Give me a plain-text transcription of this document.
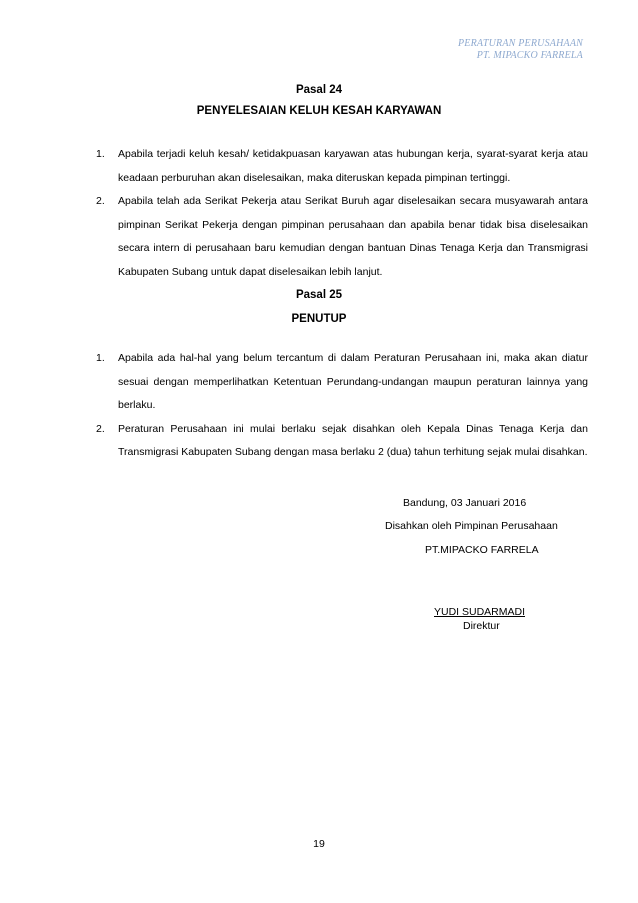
PERATURAN PERUSAHAAN
PT. MIPACKO FARRELA
Pasal 24
PENYELESAIAN KELUH KESAH KARYAWAN
1. Apabila terjadi keluh kesah/ ketidakpuasan karyawan atas hubungan kerja, syarat-syarat kerja atau keadaan perburuhan akan diselesaikan, maka diteruskan kepada pimpinan tertinggi.
2. Apabila telah ada Serikat Pekerja atau Serikat Buruh agar diselesaikan secara musyawarah antara pimpinan Serikat Pekerja dengan pimpinan perusahaan dan apabila benar tidak bisa diselesaikan secara intern di perusahaan baru kemudian dengan bantuan Dinas Tenaga Kerja dan Transmigrasi Kabupaten Subang untuk dapat diselesaikan lebih lanjut.
Pasal 25
PENUTUP
1. Apabila ada hal-hal yang belum tercantum di dalam Peraturan Perusahaan ini, maka akan diatur sesuai dengan memperlihatkan Ketentuan Perundang-undangan maupun peraturan lainnya yang berlaku.
2. Peraturan Perusahaan ini mulai berlaku sejak disahkan oleh Kepala Dinas Tenaga Kerja dan Transmigrasi Kabupaten Subang dengan masa berlaku 2 (dua) tahun terhitung sejak mulai disahkan.
Bandung, 03 Januari 2016
Disahkan oleh Pimpinan Perusahaan
PT.MIPACKO FARRELA
YUDI SUDARMADI
Direktur
19
